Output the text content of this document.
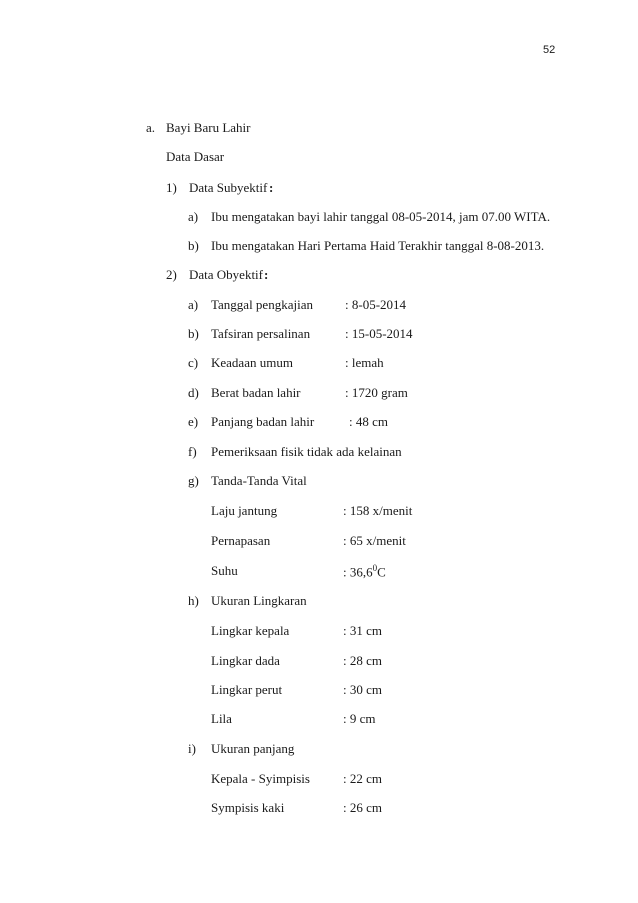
52
a. Bayi Baru Lahir
Data Dasar
1) Data Subyektif :
a) Ibu mengatakan bayi lahir tanggal 08-05-2014, jam 07.00 WITA.
b) Ibu mengatakan Hari Pertama Haid Terakhir tanggal 8-08-2013.
2) Data Obyektif :
a) Tanggal pengkajian : 8-05-2014
b) Tafsiran persalinan	: 15-05-2014
c) Keadaan umum	: lemah
d) Berat badan lahir	: 1720 gram
e) Panjang badan lahir	: 48 cm
f) Pemeriksaan fisik tidak ada kelainan
g) Tanda-Tanda Vital
Laju jantung	: 158 x/menit
Pernapasan	: 65 x/menit
Suhu	: 36,6$^0$C
h) Ukuran Lingkaran
Lingkar kepala	: 31 cm
Lingkar dada	: 28 cm
Lingkar perut	: 30 cm
Lila	: 9 cm
i) Ukuran panjang
Kepala - Syimpisis	: 22 cm
Sympisis kaki	: 26 cm
